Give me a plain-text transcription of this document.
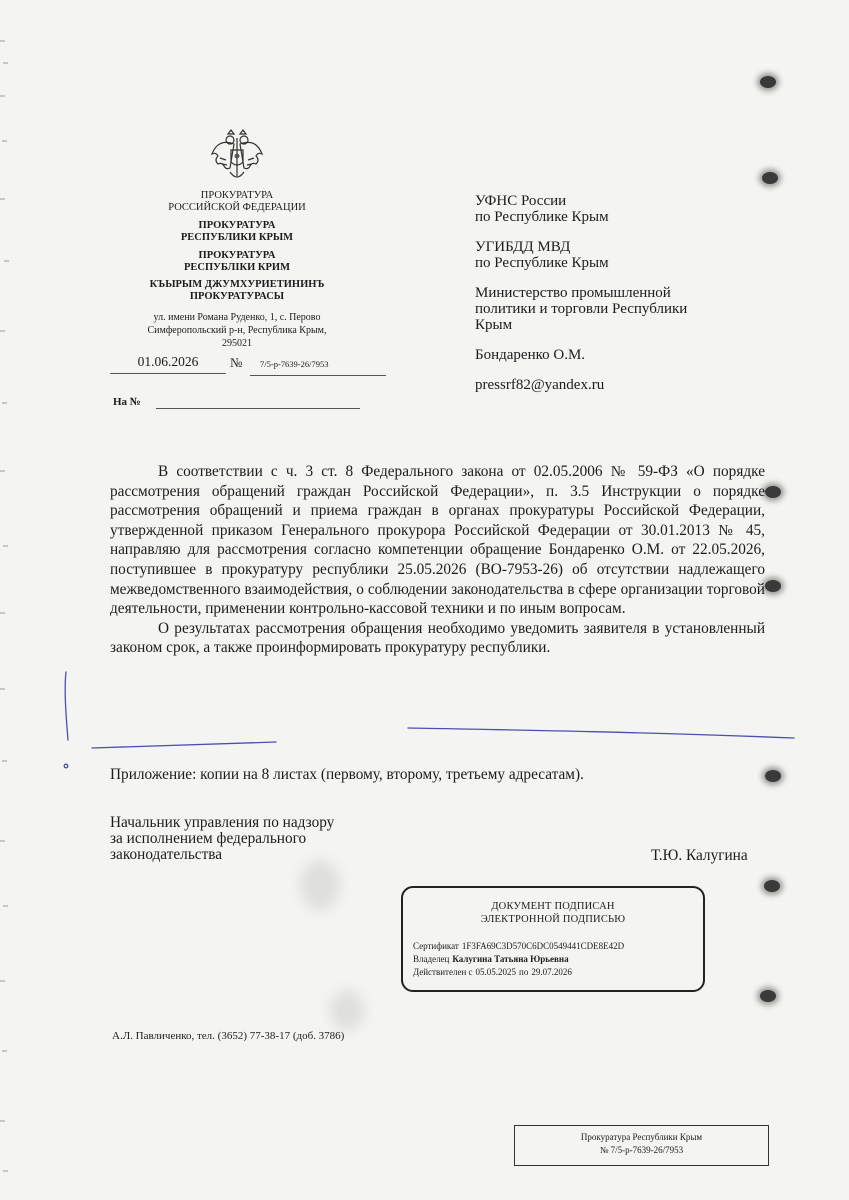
ПРОКУРАТУРА
РОССИЙСКОЙ ФЕДЕРАЦИИ
ПРОКУРАТУРА
РЕСПУБЛИКИ КРЫМ
ПРОКУРАТУРА
РЕСПУБЛІКИ КРИМ
КЪЫРЫМ ДЖУМХУРИЕТИНИНЪ
ПРОКУРАТУРАСЫ
ул. имени Романа Руденко, 1, с. Перово
Симферопольский р-н, Республика Крым,
295021
01.06.2026	№	7/5-р-7639-26/7953
На №
УФНС России
по Республике Крым
УГИБДД МВД
по Республике Крым
Министерство промышленной
политики и торговли Республики
Крым
Бондаренко О.М.
pressrf82@yandex.ru

В соответствии с ч. 3 ст. 8 Федерального закона от 02.05.2006 № 59-ФЗ «О порядке рассмотрения обращений граждан Российской Федерации», п. 3.5 Инструкции о порядке рассмотрения обращений и приема граждан в органах прокуратуры Российской Федерации, утвержденной приказом Генерального прокурора Российской Федерации от 30.01.2013 № 45, направляю для рассмотрения согласно компетенции обращение Бондаренко О.М. от 22.05.2026, поступившее в прокуратуру республики 25.05.2026 (ВО-7953-26) об отсутствии надлежащего межведомственного взаимодействия, о соблюдении законодательства в сфере организации торговой деятельности, применении контрольно-кассовой техники и по иным вопросам.

О результатах рассмотрения обращения необходимо уведомить заявителя в установленный законом срок, а также проинформировать прокуратуру республики.

Приложение: копии на 8 листах (первому, второму, третьему адресатам).
Начальник управления по надзору
за исполнением федерального
законодательства	Т.Ю. Калугина
ДОКУМЕНТ ПОДПИСАН
ЭЛЕКТРОННОЙ ПОДПИСЬЮ
Сертификат 1F3FA69C3D570C6DC0549441CDE8E42D
Владелец Калугина Татьяна Юрьевна
Действителен с 05.05.2025 по 29.07.2026
А.Л. Павличенко, тел. (3652) 77-38-17 (доб. 3786)
Прокуратура Республики Крым
№ 7/5-р-7639-26/7953
